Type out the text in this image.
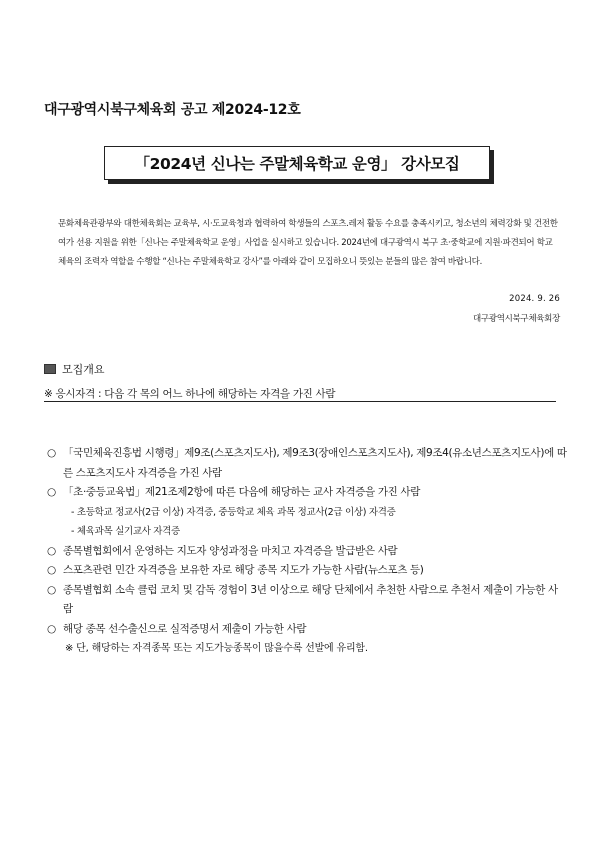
대구광역시북구체육회 공고 제2024-12호
「2024년 신나는 주말체육학교 운영」 강사모집

문화체육관광부와 대한체육회는 교육부, 시·도교육청과 협력하여 학생들의 스포츠.레저 활동 수요를 충족시키고, 청소년의 체력강화 및 건전한 여가 선용 지원을 위한「신나는 주말체육학교 운영」사업을 실시하고 있습니다. 2024년에 대구광역시 북구 초·중학교에 지원·파견되어 학교체육의 조력자 역할을 수행할 “신나는 주말체육학교 강사”를 아래와 같이 모집하오니 뜻있는 분들의 많은 참여 바랍니다.

2024. 9. 26
대구광역시북구체육회장
모집개요
※ 응시자격 : 다음 각 목의 어느 하나에 해당하는 자격을 가진 사람
○ 「국민체육진흥법 시행령」제9조(스포츠지도사), 제9조3(장애인스포츠지도사), 제9조4(유소년스포츠지도사)에 따른 스포츠지도사 자격증을 가진 사람
○ 「초·중등교육법」제21조제2항에 따른 다음에 해당하는 교사 자격증을 가진 사람
- 초등학교 정교사(2급 이상) 자격증, 중등학교 체육 과목 정교사(2급 이상) 자격증
- 체육과목 실기교사 자격증
○ 종목별협회에서 운영하는 지도자 양성과정을 마치고 자격증을 발급받은 사람
○ 스포츠관련 민간 자격증을 보유한 자로 해당 종목 지도가 가능한 사람(뉴스포츠 등)
○ 종목별협회 소속 클럽 코치 및 감독 경험이 3년 이상으로 해당 단체에서 추천한 사람으로 추천서 제출이 가능한 사람
○ 해당 종목 선수출신으로 실적증명서 제출이 가능한 사람
※ 단, 해당하는 자격종목 또는 지도가능종목이 많을수록 선발에 유리함.
